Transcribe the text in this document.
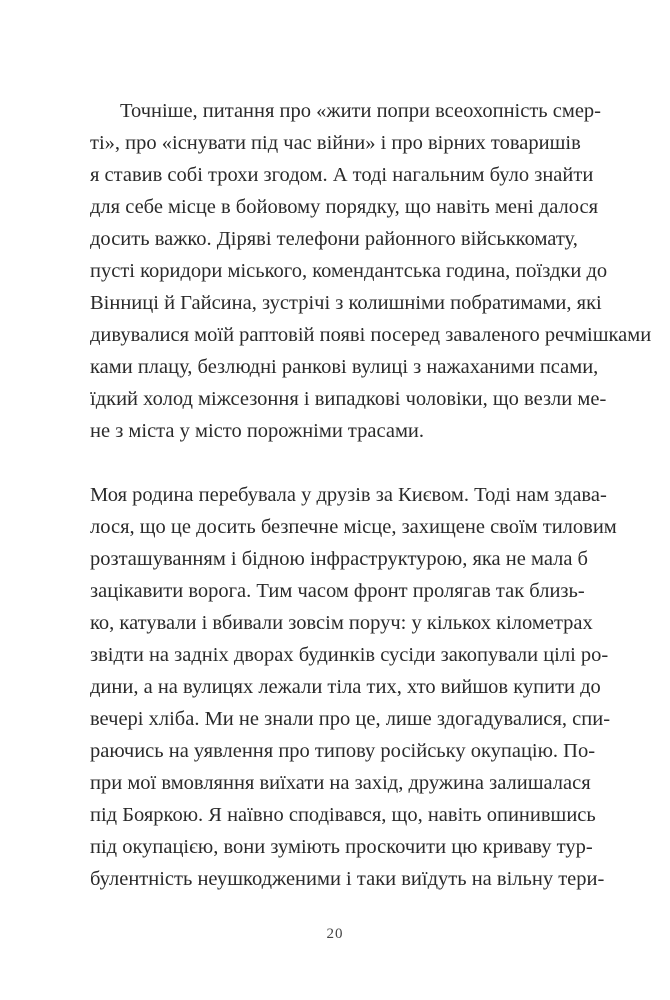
Точніше, питання про «жити попри всеохопність смер-
ті», про «існувати під час війни» і про вірних товаришів
я ставив собі трохи згодом. А тоді нагальним було знайти
для себе місце в бойовому порядку, що навіть мені далося
досить важко. Діряві телефони районного військкомату,
пусті коридори міського, комендантська година, поїздки до
Вінниці й Гайсина, зустрічі з колишніми побратимами, які
дивувалися моїй раптовій появі посеред заваленого речмішками
ками плацу, безлюдні ранкові вулиці з нажаханими псами,
їдкий холод міжсезоння і випадкові чоловіки, що везли ме-
не з міста у місто порожніми трасами.
Моя родина перебувала у друзів за Києвом. Тоді нам здава-
лося, що це досить безпечне місце, захищене своїм тиловим
розташуванням і бідною інфраструктурою, яка не мала б
зацікавити ворога. Тим часом фронт пролягав так близь-
ко, катували і вбивали зовсім поруч: у кількох кілометрах
звідти на задніх дворах будинків сусіди закопували цілі ро-
дини, а на вулицях лежали тіла тих, хто вийшов купити до
вечері хліба. Ми не знали про це, лише здогадувалися, спи-
раючись на уявлення про типову російську окупацію. По-
при мої вмовляння виїхати на захід, дружина залишалася
під Бояркою. Я наївно сподівався, що, навіть опинившись
під окупацією, вони зуміють проскочити цю криваву тур-
булентність неушкодженими і таки виїдуть на вільну тери-
20
